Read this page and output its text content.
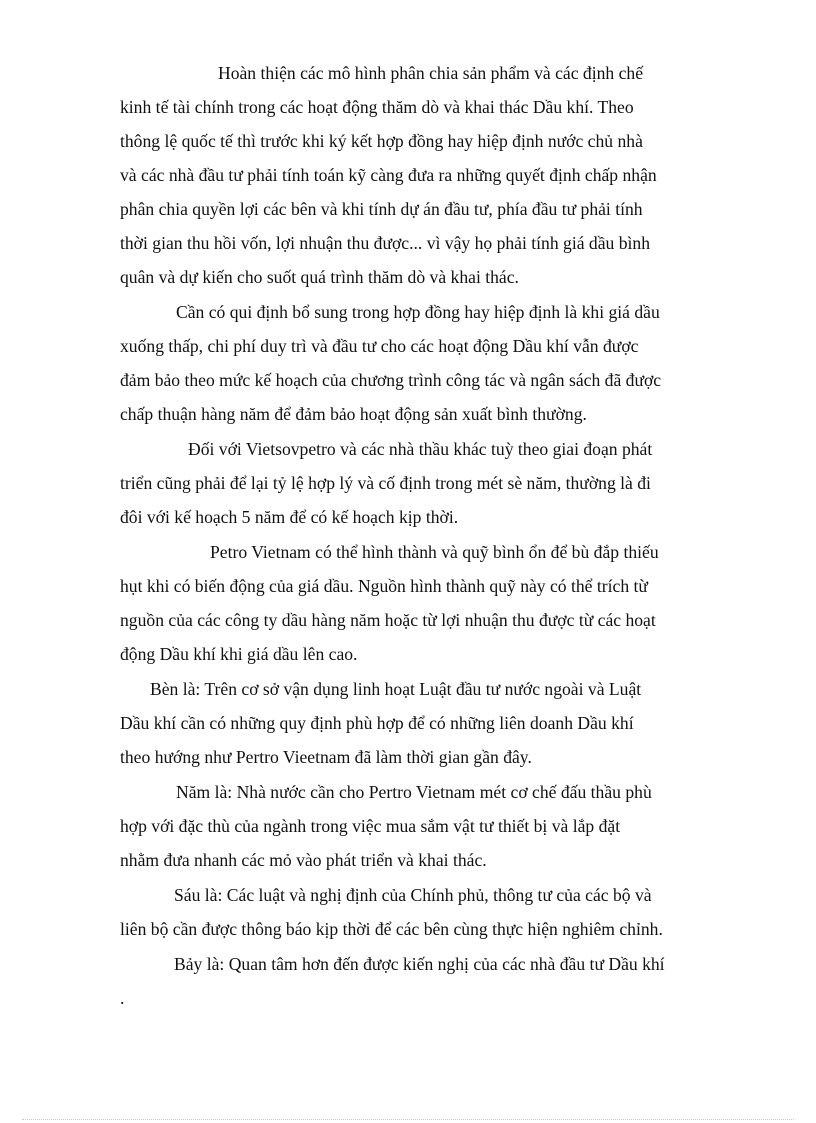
Hoàn thiện các mô hình phân chia sản phẩm và các định chế
kinh tế tài chính trong các hoạt động thăm dò và khai thác Dầu khí. Theo
thông lệ quốc tế thì trước khi ký kết hợp đồng hay hiệp định nước chủ nhà
và các nhà đầu tư phải tính toán kỹ càng đưa ra những quyết định chấp nhận
phân chia quyền lợi các bên và khi tính dự án đầu tư, phía đầu tư phải tính
thời gian thu hồi vốn, lợi nhuận thu được... vì vậy họ phải tính giá dầu bình
quân và dự kiến cho suốt quá trình thăm dò và khai thác.
Cần có qui định bổ sung trong hợp đồng hay hiệp định là khi giá dầu
xuống thấp, chi phí duy trì và đầu tư cho các hoạt động Dầu khí vẫn được
đảm bảo theo mức kế hoạch của chương trình công tác và ngân sách đã được
chấp thuận hàng năm để đảm bảo hoạt động sản xuất bình thường.
Đối với Vietsovpetro và các nhà thầu khác tuỳ theo giai đoạn phát
triển cũng phải để lại tỷ lệ hợp lý và cố định trong mét sè năm, thường là đi
đôi với kế hoạch 5 năm để có kế hoạch kịp thời.
Petro Vietnam có thể hình thành và quỹ bình ổn để bù đắp thiếu
hụt khi có biến động của giá dầu. Nguồn hình thành quỹ này có thể trích từ
nguồn của các công ty dầu hàng năm hoặc từ lợi nhuận thu được từ các hoạt
động Dầu khí khi giá dầu lên cao.
Bèn là: Trên cơ sở vận dụng linh hoạt Luật đầu tư nước ngoài và Luật
Dầu khí cần có những quy định phù hợp để có những liên doanh Dầu khí
theo hướng như Pertro Vieetnam đã làm thời gian gần đây.
Năm là: Nhà nước cần cho Pertro Vietnam mét cơ chế đấu thầu phù
hợp với đặc thù của ngành trong việc mua sắm vật tư thiết bị và lắp đặt
nhằm đưa nhanh các mỏ vào phát triển và khai thác.
Sáu là: Các luật và nghị định của Chính phủ, thông tư của các bộ và
liên bộ cần được thông báo kịp thời để các bên cùng thực hiện nghiêm chỉnh.
Bảy là: Quan tâm hơn đến được kiến nghị của các nhà đầu tư Dầu khí
.
